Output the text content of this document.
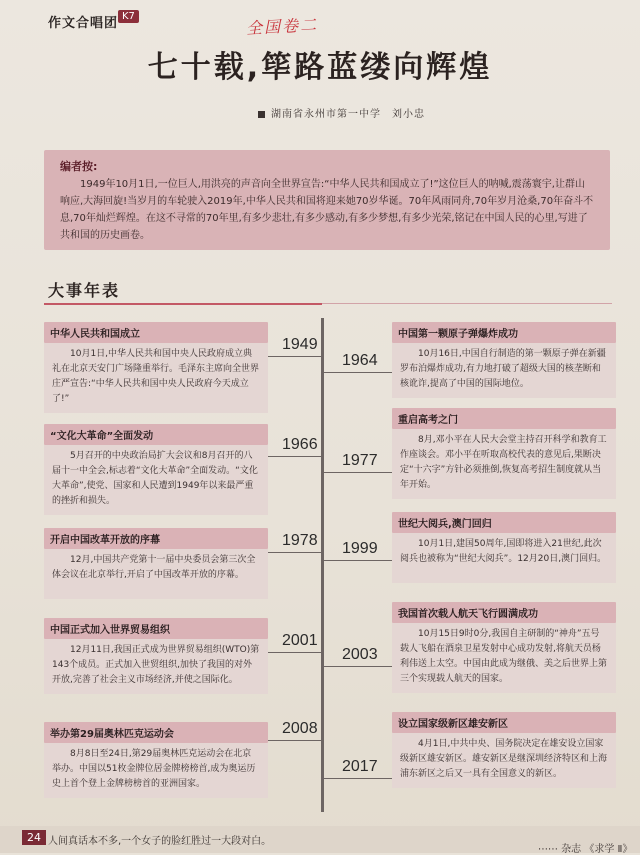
作文合唱团 K7	全国卷二
七十载,筚路蓝缕向辉煌
湖南省永州市第一中学　刘小忠
编者按:
1949年10月1日,一位巨人,用洪亮的声音向全世界宣告:“中华人民共和国成立了!”这位巨人的呐喊,震荡寰宇,让群山响应,大海回旋!当岁月的车轮驶入2019年,中华人民共和国将迎来她70岁华诞。70年风雨同舟,70年岁月沧桑,70年奋斗不息,70年灿烂辉煌。在这不寻常的70年里,有多少悲壮,有多少感动,有多少梦想,有多少光荣,铭记在中国人民的心里,写进了共和国的历史画卷。
大事年表
中华人民共和国成立
10月1日,中华人民共和国中央人民政府成立典礼在北京天安门广场隆重举行。毛泽东主席向全世界庄严宣告:“中华人民共和国中央人民政府今天成立了!”
1949
“文化大革命”全面发动
5月召开的中央政治局扩大会议和8月召开的八届十一中全会,标志着“文化大革命”全面发动。“文化大革命”,使党、国家和人民遭到1949年以来最严重的挫折和损失。
1966
开启中国改革开放的序幕
12月,中国共产党第十一届中央委员会第三次全体会议在北京举行,开启了中国改革开放的序幕。
1978
中国正式加入世界贸易组织
12月11日,我国正式成为世界贸易组织(WTO)第143个成员。正式加入世贸组织,加快了我国的对外开放,完善了社会主义市场经济,并使之国际化。
2001
举办第29届奥林匹克运动会
8月8日至24日,第29届奥林匹克运动会在北京举办。中国以51枚金牌位居金牌榜榜首,成为奥运历史上首个登上金牌榜榜首的亚洲国家。
2008
中国第一颗原子弹爆炸成功
10月16日,中国自行制造的第一颗原子弹在新疆罗布泊爆炸成功,有力地打破了超级大国的核垄断和核讹诈,提高了中国的国际地位。
1964
重启高考之门
8月,邓小平在人民大会堂主持召开科学和教育工作座谈会。邓小平在听取高校代表的意见后,果断决定“十六字”方针必须推倒,恢复高考招生制度就从当年开始。
1977
世纪大阅兵,澳门回归
10月1日,建国50周年,国即将进入21世纪,此次阅兵也被称为“世纪大阅兵”。12月20日,澳门回归。
1999
我国首次载人航天飞行圆满成功
10月15日9时0分,我国自主研制的“神舟”五号载人飞船在酒泉卫星发射中心成功发射,将航天员杨利伟送上太空。中国由此成为继俄、美之后世界上第三个实现载人航天的国家。
2003
设立国家级新区雄安新区
4月1日,中共中央、国务院决定在雄安设立国家级新区雄安新区。雄安新区是继深圳经济特区和上海浦东新区之后又一具有全国意义的新区。
2017
24 人间真话本不多,一个女子的脸红胜过一大段对白。
⋯⋯ 杂志 《求学 Ⅱ》
